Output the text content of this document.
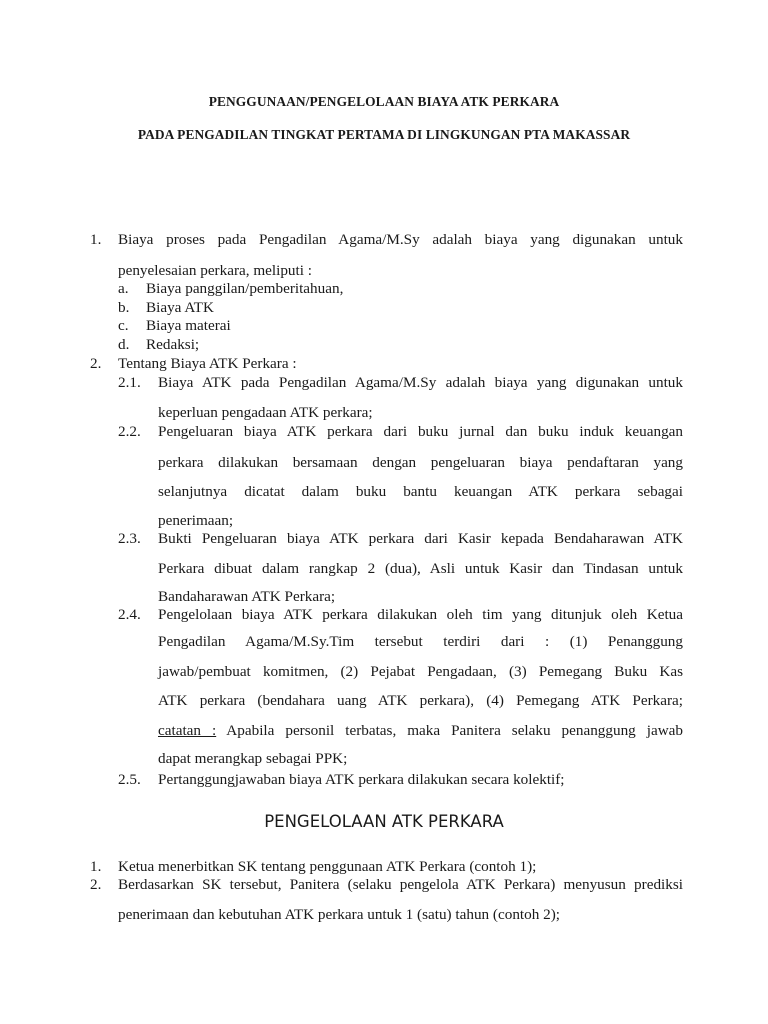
PENGGUNAAN/PENGELOLAAN BIAYA ATK PERKARA
PADA PENGADILAN TINGKAT PERTAMA DI LINGKUNGAN PTA MAKASSAR
1. Biaya proses pada Pengadilan Agama/M.Sy adalah biaya yang digunakan untuk
penyelesaian perkara, meliputi :
a. Biaya panggilan/pemberitahuan,
b. Biaya ATK
c. Biaya materai
d. Redaksi;
2. Tentang Biaya ATK Perkara :
2.1. Biaya ATK pada Pengadilan Agama/M.Sy adalah biaya yang digunakan untuk
keperluan pengadaan ATK perkara;
2.2. Pengeluaran biaya ATK perkara dari buku jurnal dan buku induk keuangan
perkara dilakukan bersamaan dengan pengeluaran biaya pendaftaran yang
selanjutnya dicatat dalam buku bantu keuangan ATK perkara sebagai
penerimaan;
2.3. Bukti Pengeluaran biaya ATK perkara dari Kasir kepada Bendaharawan ATK
Perkara dibuat dalam rangkap 2 (dua), Asli untuk Kasir dan Tindasan untuk
Bandaharawan ATK Perkara;
2.4. Pengelolaan biaya ATK perkara dilakukan oleh tim yang ditunjuk oleh Ketua
Pengadilan Agama/M.Sy.Tim tersebut terdiri dari : (1) Penanggung
jawab/pembuat komitmen, (2) Pejabat Pengadaan, (3) Pemegang Buku Kas
ATK perkara (bendahara uang ATK perkara), (4) Pemegang ATK Perkara;
catatan : Apabila personil terbatas, maka Panitera selaku penanggung jawab
dapat merangkap sebagai PPK;
2.5. Pertanggungjawaban biaya ATK perkara dilakukan secara kolektif;
PENGELOLAAN ATK PERKARA
1. Ketua menerbitkan SK tentang penggunaan ATK Perkara (contoh 1);
2. Berdasarkan SK tersebut, Panitera (selaku pengelola ATK Perkara) menyusun prediksi
penerimaan dan kebutuhan ATK perkara untuk 1 (satu) tahun (contoh 2);
